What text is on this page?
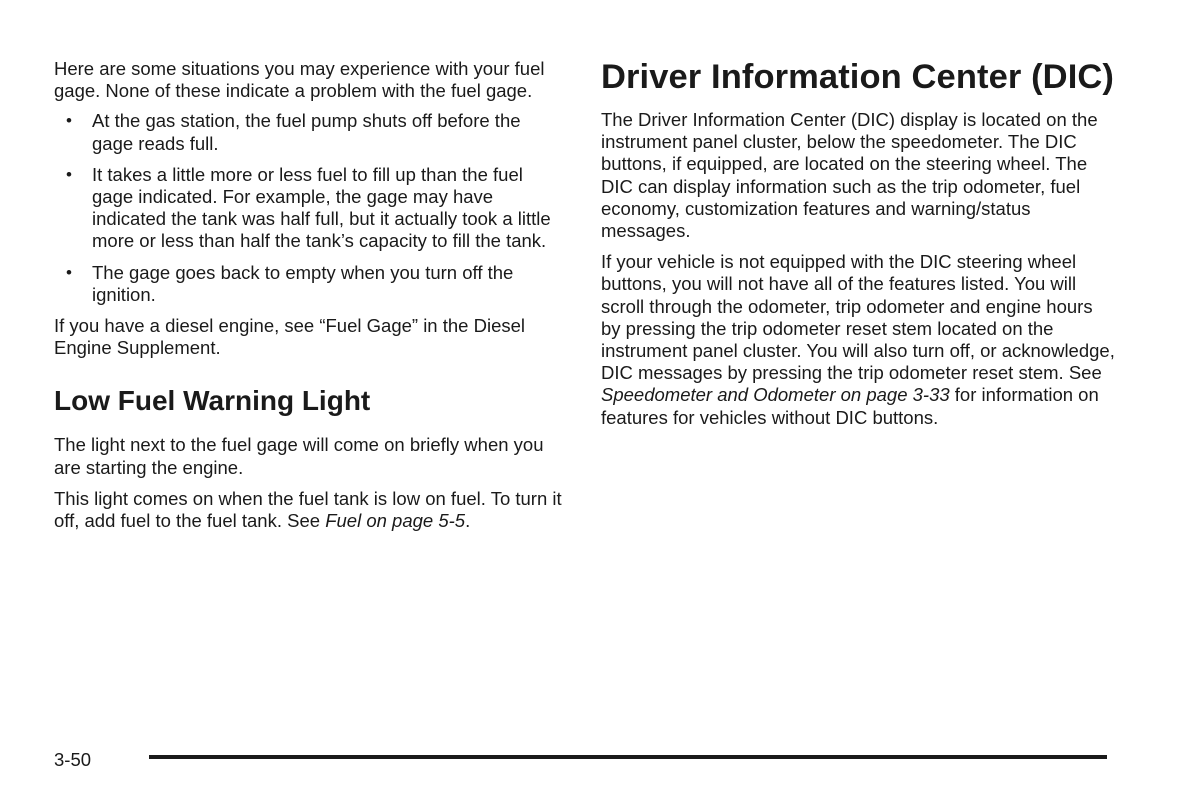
Here are some situations you may experience with your fuel gage. None of these indicate a problem with the fuel gage.

• At the gas station, the fuel pump shuts off before the gage reads full.
• It takes a little more or less fuel to fill up than the fuel gage indicated. For example, the gage may have indicated the tank was half full, but it actually took a little more or less than half the tank’s capacity to fill the tank.
• The gage goes back to empty when you turn off the ignition.

If you have a diesel engine, see “Fuel Gage” in the Diesel Engine Supplement.

Low Fuel Warning Light

The light next to the fuel gage will come on briefly when you are starting the engine.

This light comes on when the fuel tank is low on fuel. To turn it off, add fuel to the fuel tank. See Fuel on page 5-5.

Driver Information Center (DIC)

The Driver Information Center (DIC) display is located on the instrument panel cluster, below the speedometer. The DIC buttons, if equipped, are located on the steering wheel. The DIC can display information such as the trip odometer, fuel economy, customization features and warning/status messages.

If your vehicle is not equipped with the DIC steering wheel buttons, you will not have all of the features listed. You will scroll through the odometer, trip odometer and engine hours by pressing the trip odometer reset stem located on the instrument panel cluster. You will also turn off, or acknowledge, DIC messages by pressing the trip odometer reset stem. See Speedometer and Odometer on page 3-33 for information on features for vehicles without DIC buttons.

3-50
